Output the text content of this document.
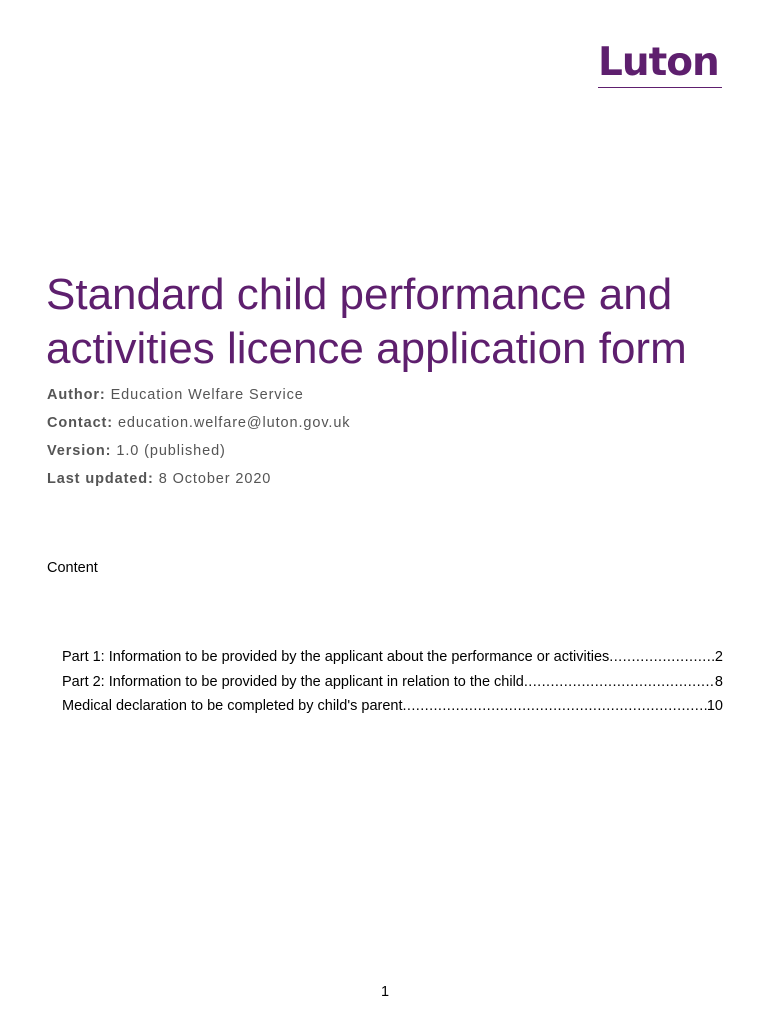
Luton
Standard child performance and
activities licence application form
Author: Education Welfare Service
Contact: education.welfare@luton.gov.uk
Version: 1.0 (published)
Last updated: 8 October 2020
Content
Part 1: Information to be provided by the applicant about the performance or activities .....	2
Part 2: Information to be provided by the applicant in relation to the child .....	8
Medical declaration to be completed by child's parent .....	10
1
